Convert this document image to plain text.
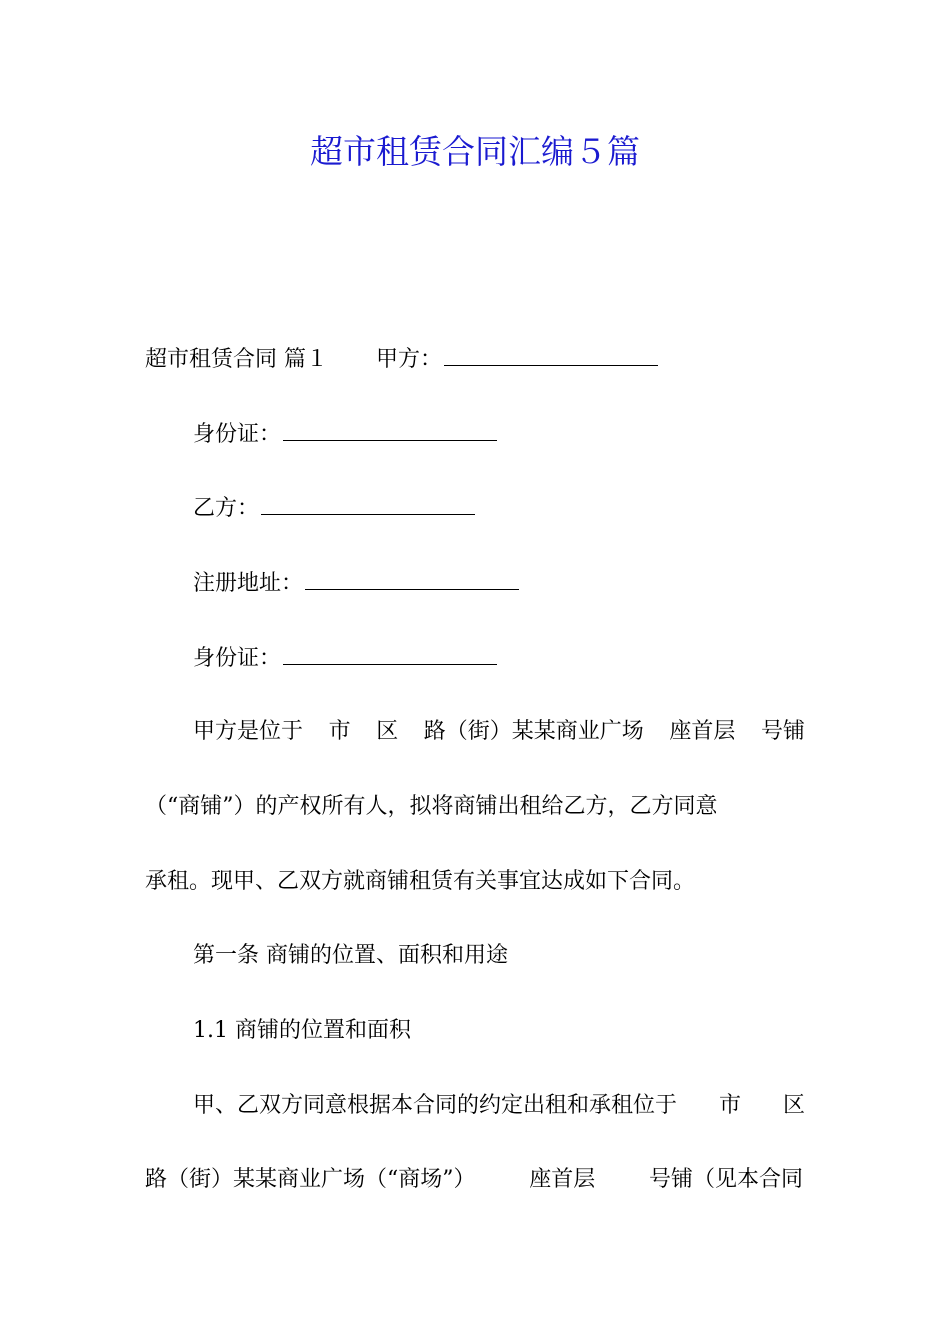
超市租赁合同汇编５篇
超市租赁合同 篇１ 甲方：
身份证：
乙方：
注册地址：
身份证：
甲方是位于 市 区 路（街）某某商业广场 座首层 号铺
（“商铺”）的产权所有人，拟将商铺出租给乙方，乙方同意
承租。现甲、乙双方就商铺租赁有关事宜达成如下合同。
第一条 商铺的位置、面积和用途
1.1 商铺的位置和面积
甲、乙双方同意根据本合同的约定出租和承租位于 市 区
路（街）某某商业广场（“商场”） 座首层 号铺（见本合同
